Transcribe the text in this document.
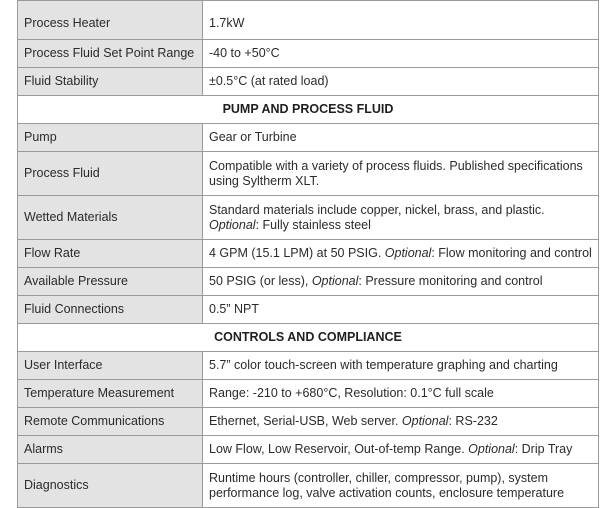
Process Heater	1.7kW
Process Fluid Set Point Range	-40 to +50°C
Fluid Stability	±0.5°C (at rated load)
PUMP AND PROCESS FLUID	
Pump	Gear or Turbine
Process Fluid	Compatible with a variety of process fluids. Published specifications using Syltherm XLT.
Wetted Materials	Standard materials include copper, nickel, brass, and plastic.
Optional: Fully stainless steel
Flow Rate	4 GPM (15.1 LPM) at 50 PSIG. Optional: Flow monitoring and control
Available Pressure	50 PSIG (or less), Optional: Pressure monitoring and control
Fluid Connections	0.5” NPT
CONTROLS AND COMPLIANCE	
User Interface	5.7” color touch-screen with temperature graphing and charting
Temperature Measurement	Range: -210 to +680°C, Resolution: 0.1°C full scale
Remote Communications	Ethernet, Serial-USB, Web server. Optional: RS-232
Alarms	Low Flow, Low Reservoir, Out-of-temp Range. Optional: Drip Tray
Diagnostics	Runtime hours (controller, chiller, compressor, pump), system performance log, valve activation counts, enclosure temperature
